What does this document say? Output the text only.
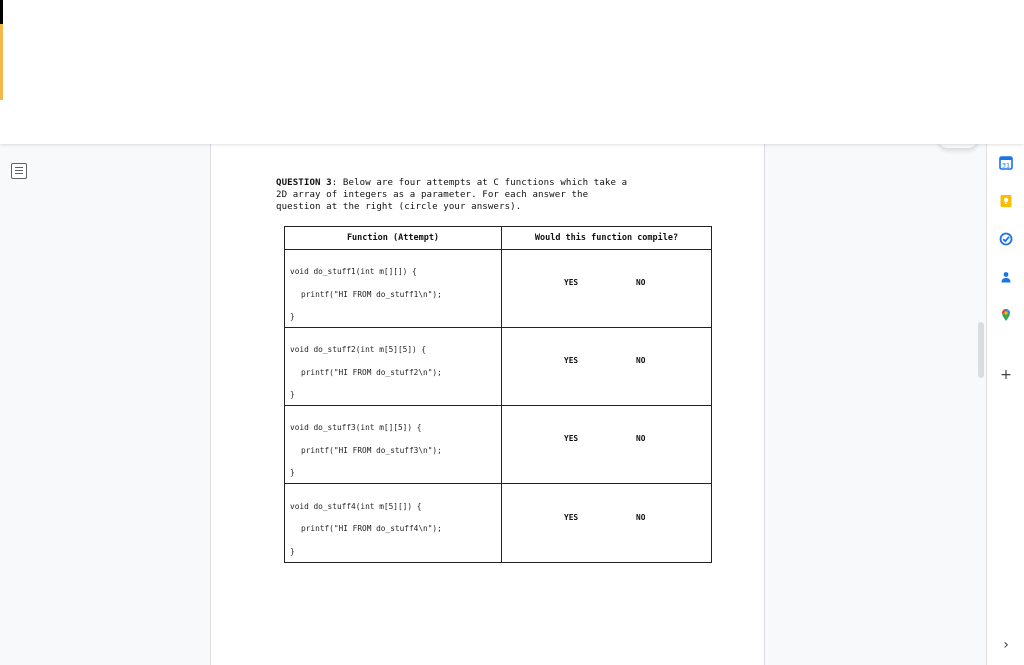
QUESTION 3: Below are four attempts at C functions which take a
2D array of integers as a parameter. For each answer the
question at the right (circle your answers).
Function (Attempt)	Would this function compile?
void do_stuff1(int m[][]) {
printf("HI FROM do_stuff1\n");
}
YES	NO
void do_stuff2(int m[5][5]) {
printf("HI FROM do_stuff2\n");
}
YES	NO
void do_stuff3(int m[][5]) {
printf("HI FROM do_stuff3\n");
}
YES	NO
void do_stuff4(int m[5][]) {
printf("HI FROM do_stuff4\n");
}
YES	NO
31
+
›
